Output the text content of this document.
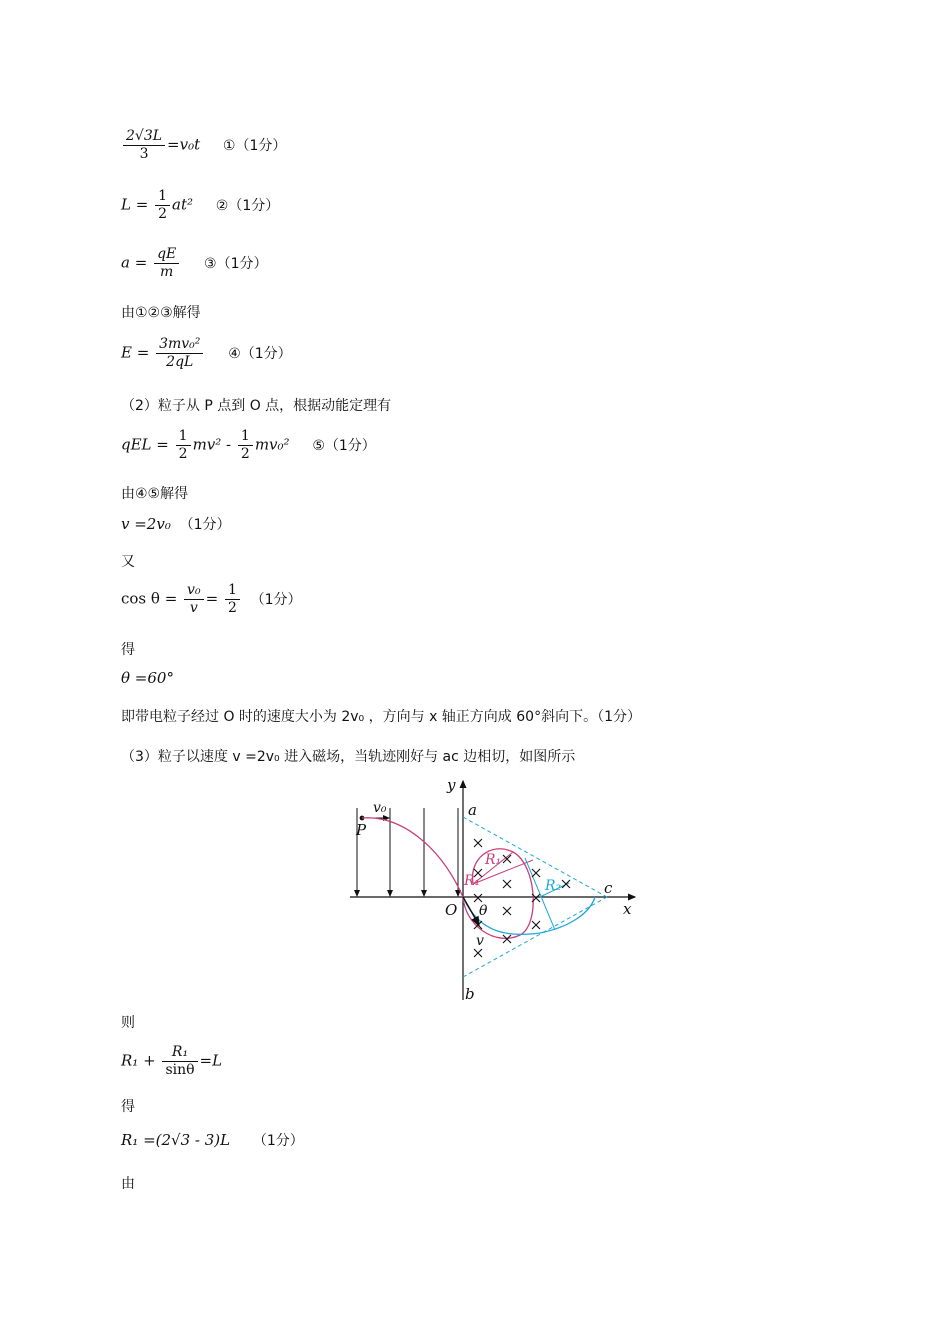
$\frac{2√3L}{3} =v_0t$ ①（1分）
$L = \frac{1}{2} at^2$ ②（1分）
$a = \frac{qE}{m}$ ③（1分）
由①②③解得
$E = \frac{\text{3mv₀²}}{2qL}$ ④（1分）
（2）粒子从 P 点到 O 点，根据动能定理有
qEL = $\frac{1}{2} mv^2 - \frac{1}{2} mv_0^2$ ⑤（1分）
由④⑤解得
v =2v₀ （1分）
又
$\cos \theta = \frac{\text{v₀}}{v} = \frac{1}{2} (1$分）
得
θ =60°
即带电粒子经过 O 时的速度大小为 2v₀ ，方向与 x 轴正方向成 60°斜向下。（1分）
（3）粒子以速度 v =2v₀ 进入磁场，当轨迹刚好与 ac 边相切，如图所示
y
a
b
c
x
O
P
v₀
v
θ
R₁
R₁	R₂
则
$R_1 + \frac{\text{R₁}}{\sin\theta} =L$
得
R₁ =(2√3 - 3)L （1分）
由
